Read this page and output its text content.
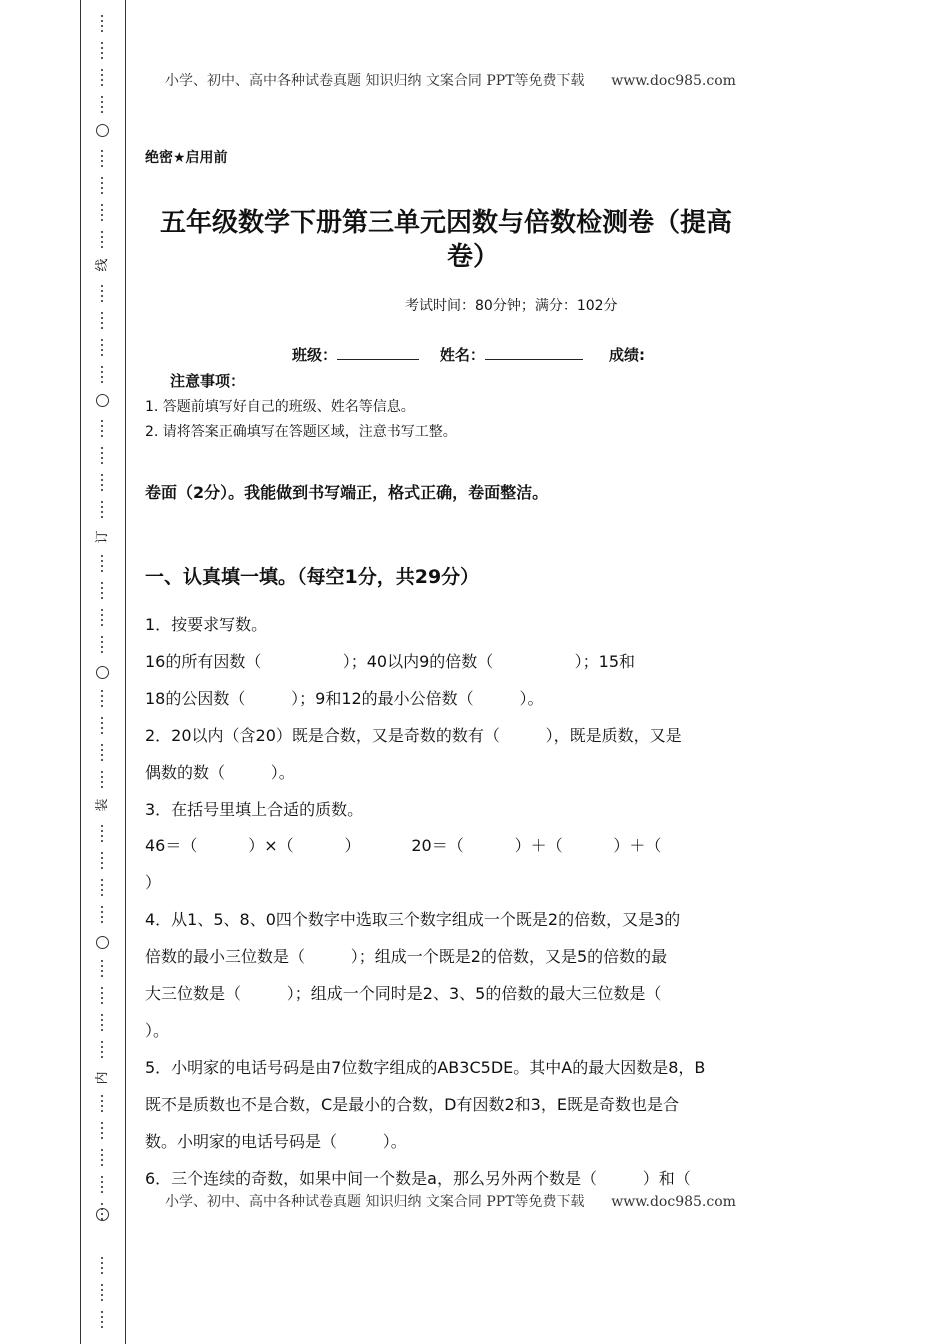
线
订
装
内
小学、初中、高中各种试卷真题 知识归纳 文案合同 PPT等免费下载 www.doc985.com
绝密★启用前
五年级数学下册第三单元因数与倍数检测卷（提高
卷）
考试时间：80分钟；满分：102分
班级：	姓名：	成绩:
注意事项：
1. 答题前填写好自己的班级、姓名等信息。
2. 请将答案正确填写在答题区域，注意书写工整。
卷面（2分）。我能做到书写端正，格式正确，卷面整洁。
一、认真填一填。（每空1分，共29分）
1．按要求写数。
16的所有因数（                ）；40以内9的倍数（                ）；15和
18的公因数（         ）；9和12的最小公倍数（         ）。
2．20以内（含20）既是合数，又是奇数的数有（         ），既是质数，又是
偶数的数（         ）。
3．在括号里填上合适的质数。
46＝（          ）×（          ）          20＝（          ）＋（          ）＋（
）
4．从1、5、8、0四个数字中选取三个数字组成一个既是2的倍数，又是3的
倍数的最小三位数是（         ）；组成一个既是2的倍数，又是5的倍数的最
大三位数是（         ）；组成一个同时是2、3、5的倍数的最大三位数是（
）。
5．小明家的电话号码是由7位数字组成的AB3C5DE。其中A的最大因数是8，B
既不是质数也不是合数，C是最小的合数，D有因数2和3，E既是奇数也是合
数。小明家的电话号码是（         ）。
6．三个连续的奇数，如果中间一个数是a，那么另外两个数是（         ）和（
小学、初中、高中各种试卷真题 知识归纳 文案合同 PPT等免费下载 www.doc985.com
